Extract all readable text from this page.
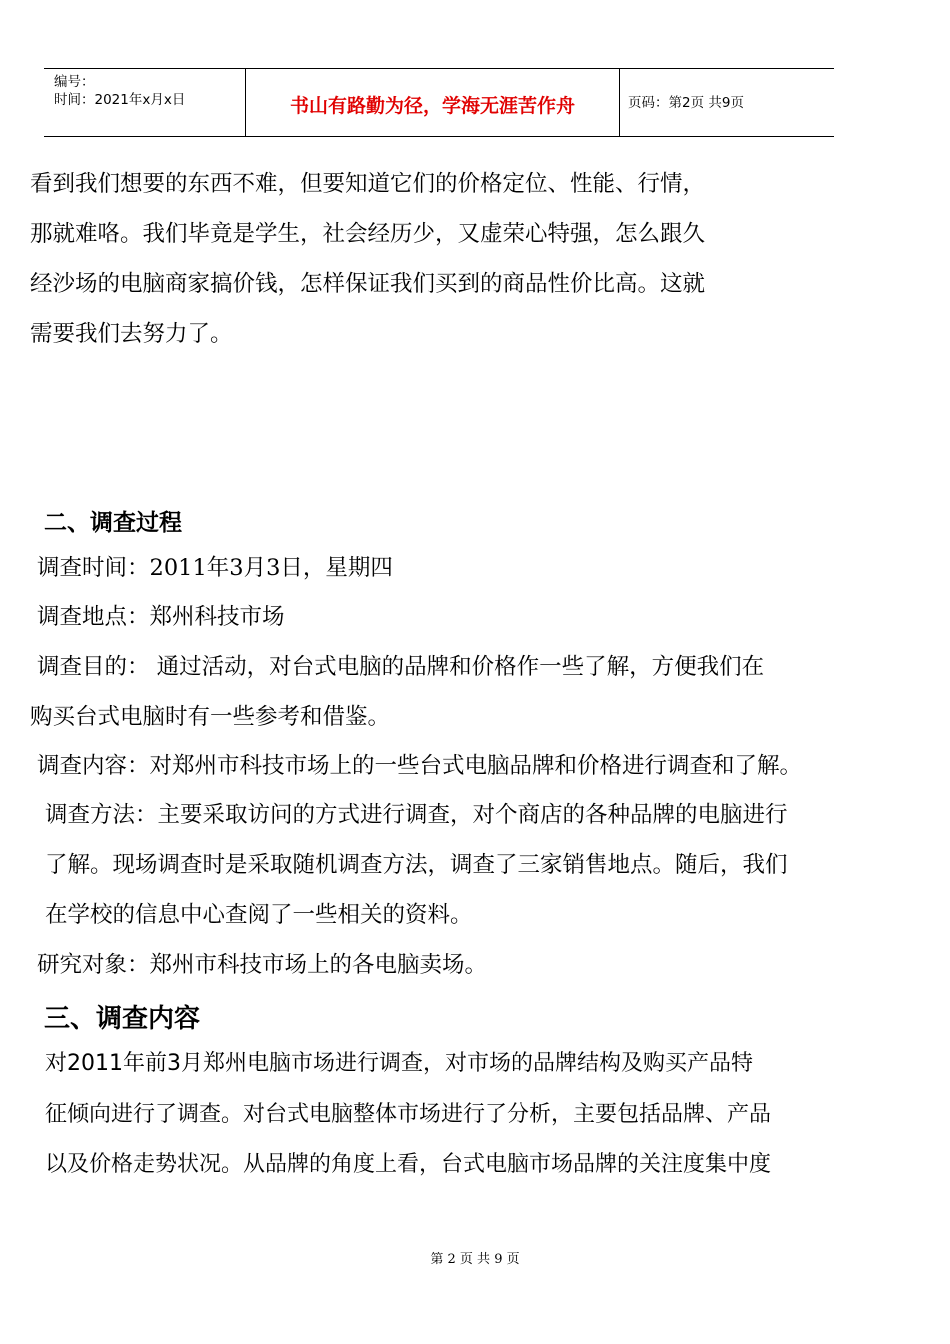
编号：
时间：2021年x月x日	书山有路勤为径，学海无涯苦作舟	页码：第2页 共9页
看到我们想要的东西不难，但要知道它们的价格定位、性能、行情，
那就难咯。我们毕竟是学生，社会经历少，又虚荣心特强，怎么跟久
经沙场的电脑商家搞价钱，怎样保证我们买到的商品性价比高。这就
需要我们去努力了。
二、调查过程
调查时间：2011年3月3日，星期四
调查地点：郑州科技市场
调查目的： 通过活动，对台式电脑的品牌和价格作一些了解，方便我们在
购买台式电脑时有一些参考和借鉴。
调查内容：对郑州市科技市场上的一些台式电脑品牌和价格进行调查和了解。
调查方法：主要采取访问的方式进行调查，对个商店的各种品牌的电脑进行
了解。现场调查时是采取随机调查方法，调查了三家销售地点。随后，我们
在学校的信息中心查阅了一些相关的资料。
研究对象：郑州市科技市场上的各电脑卖场。
三、调查内容
对2011年前3月郑州电脑市场进行调查，对市场的品牌结构及购买产品特
征倾向进行了调查。对台式电脑整体市场进行了分析，主要包括品牌、产品
以及价格走势状况。从品牌的角度上看，台式电脑市场品牌的关注度集中度
第 2 页 共 9 页
